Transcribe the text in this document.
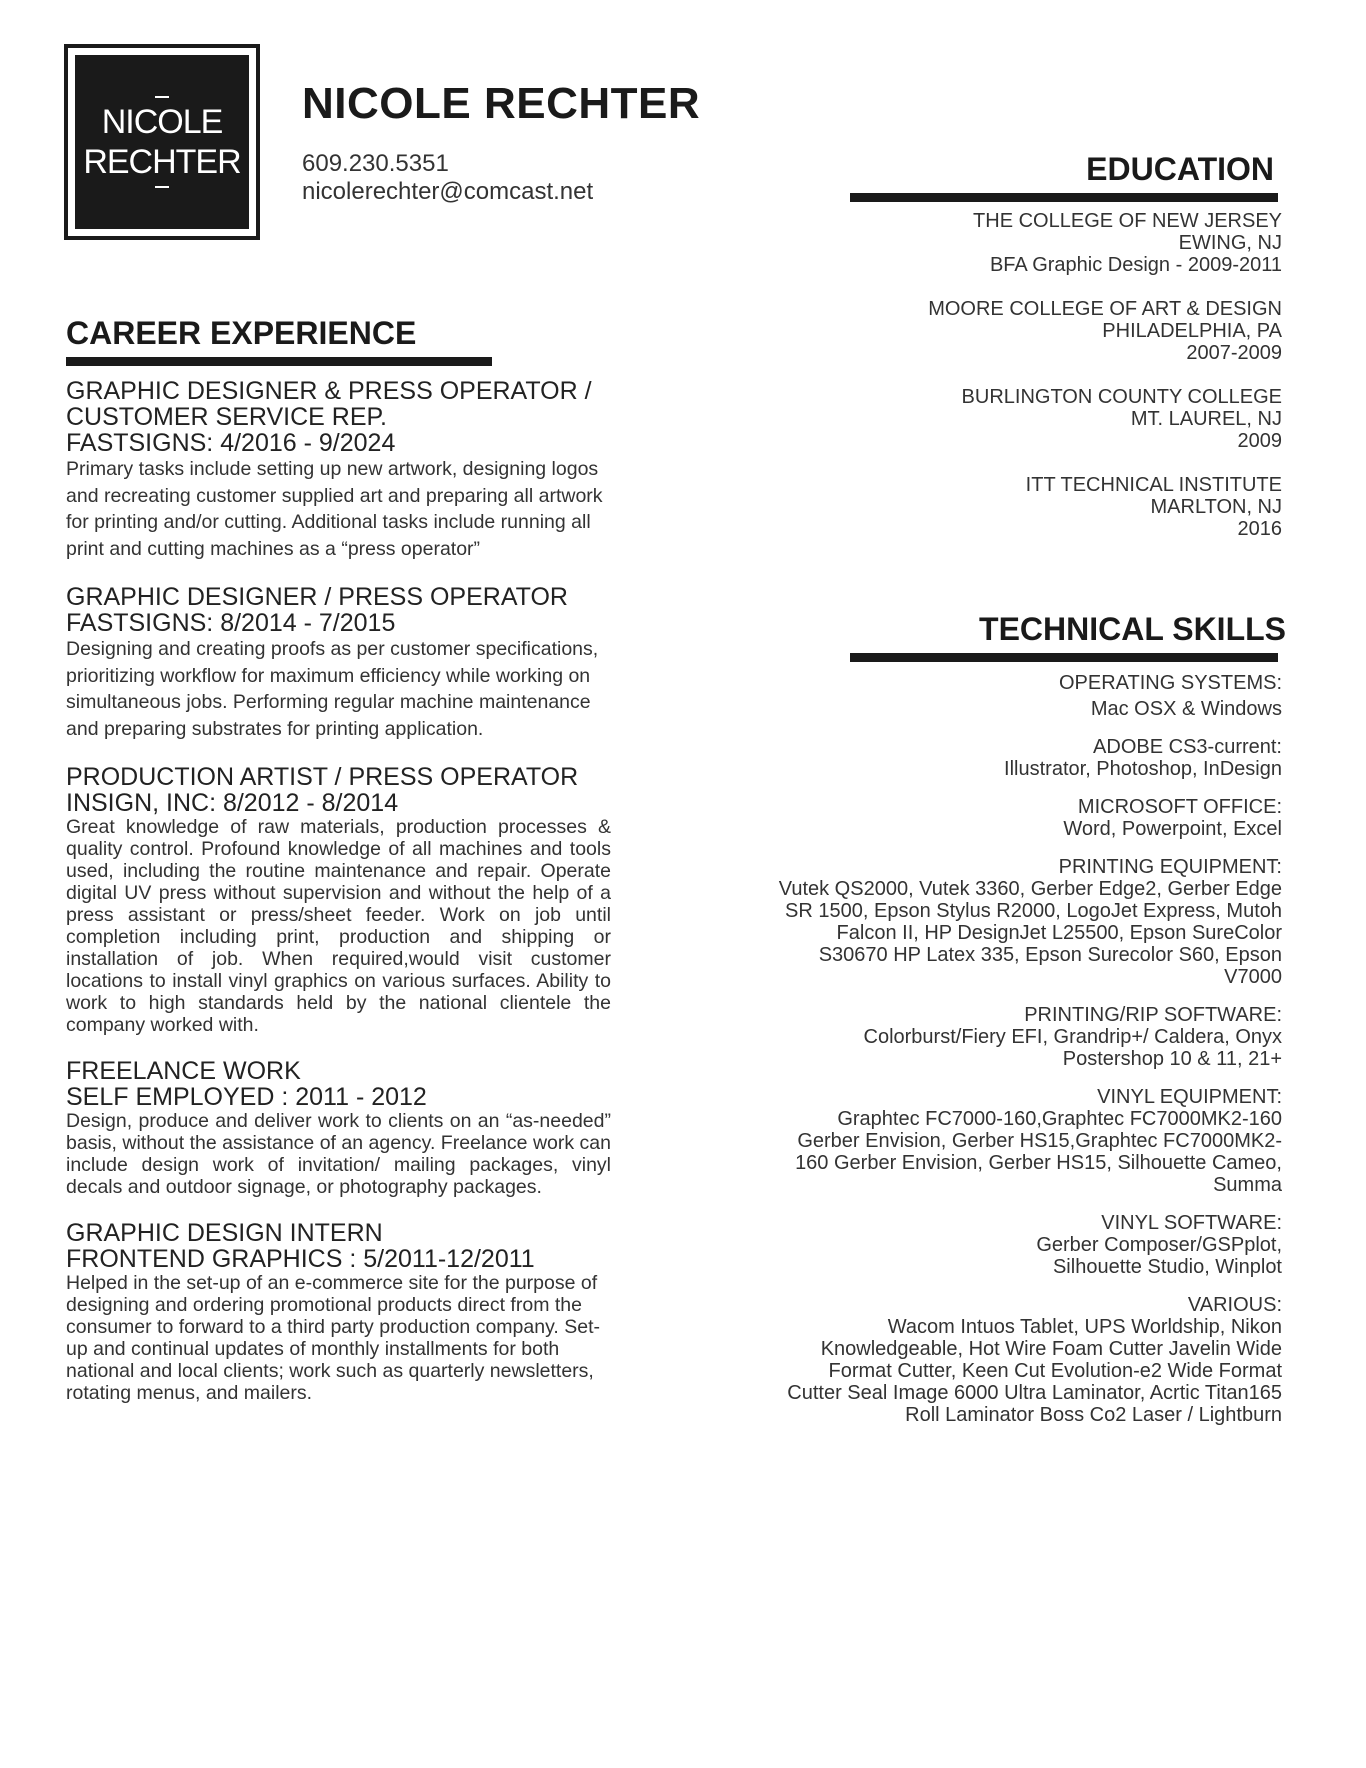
NICOLE
RECHTER
NICOLE RECHTER
609.230.5351
nicolerechter@comcast.net
CAREER EXPERIENCE
GRAPHIC DESIGNER & PRESS OPERATOR / CUSTOMER SERVICE REP.
FASTSIGNS: 4/2016 - 9/2024
Primary tasks include setting up new artwork, designing logos and recreating customer supplied art and preparing all artwork for printing and/or cutting. Additional tasks include running all print and cutting machines as a “press operator”
GRAPHIC DESIGNER / PRESS OPERATOR
FASTSIGNS: 8/2014 - 7/2015
Designing and creating proofs as per customer specifications, prioritizing workflow for maximum efficiency while working on simultaneous jobs. Performing regular machine maintenance and preparing substrates for printing application.
PRODUCTION ARTIST / PRESS OPERATOR
INSIGN, INC: 8/2012 - 8/2014
Great knowledge of raw materials, production processes & quality control. Profound knowledge of all machines and tools used, including the routine maintenance and repair. Operate digital UV press without supervision and without the help of a press assistant or press/sheet feeder. Work on job until completion including print, production and shipping or installation of job. When required,would visit customer locations to install vinyl graphics on various surfaces. Ability to work to high standards held by the national clientele the company worked with.
FREELANCE WORK
SELF EMPLOYED : 2011 - 2012
Design, produce and deliver work to clients on an “as-needed” basis, without the assistance of an agency. Freelance work can include design work of invitation/ mailing packages, vinyl decals and outdoor signage, or photography packages.
GRAPHIC DESIGN INTERN
FRONTEND GRAPHICS : 5/2011-12/2011
Helped in the set-up of an e-commerce site for the purpose of designing and ordering promotional products direct from the consumer to forward to a third party production company. Set-up and continual updates of monthly installments for both national and local clients; work such as quarterly newsletters, rotating menus, and mailers.
EDUCATION
THE COLLEGE OF NEW JERSEY
EWING, NJ
BFA Graphic Design - 2009-2011
MOORE COLLEGE OF ART & DESIGN
PHILADELPHIA, PA
2007-2009
BURLINGTON COUNTY COLLEGE
MT. LAUREL, NJ
2009
ITT TECHNICAL INSTITUTE
MARLTON, NJ
2016
TECHNICAL SKILLS
OPERATING SYSTEMS:
Mac OSX & Windows
ADOBE CS3-current:
Illustrator, Photoshop, InDesign
MICROSOFT OFFICE:
Word, Powerpoint, Excel
PRINTING EQUIPMENT:
Vutek QS2000, Vutek 3360, Gerber Edge2, Gerber Edge SR 1500, Epson Stylus R2000, LogoJet Express, Mutoh Falcon II, HP DesignJet L25500, Epson SureColor S30670 HP Latex 335, Epson Surecolor S60, Epson V7000
PRINTING/RIP SOFTWARE:
Colorburst/Fiery EFI, Grandrip+/ Caldera, Onyx Postershop 10 & 11, 21+
VINYL EQUIPMENT:
Graphtec FC7000-160,Graphtec FC7000MK2-160 Gerber Envision, Gerber HS15,Graphtec FC7000MK2-160 Gerber Envision, Gerber HS15, Silhouette Cameo, Summa
VINYL SOFTWARE:
Gerber Composer/GSPplot, Silhouette Studio, Winplot
VARIOUS:
Wacom Intuos Tablet, UPS Worldship, Nikon Knowledgeable, Hot Wire Foam Cutter Javelin Wide Format Cutter, Keen Cut Evolution-e2 Wide Format Cutter Seal Image 6000 Ultra Laminator, Acrtic Titan165 Roll Laminator Boss Co2 Laser / Lightburn
